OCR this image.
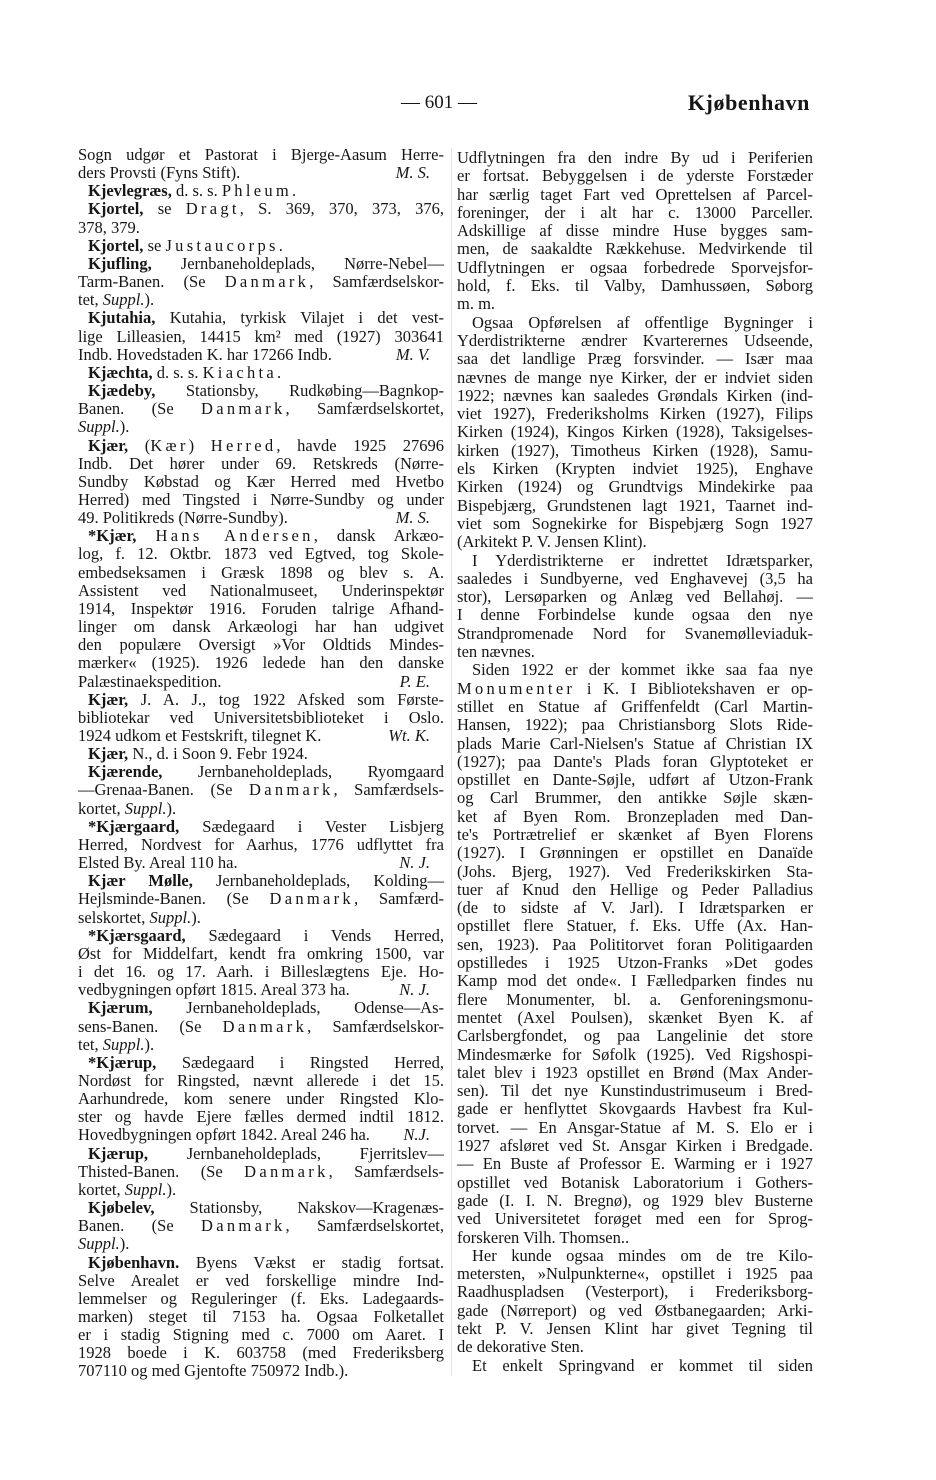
— 601 —	Kjøbenhavn
Sogn udgør et Pastorat i Bjerge-Aasum Herre-
ders Provsti (Fyns Stift).	M. S.
Kjevlegræs, d. s. s. Phleum.
Kjortel, se Dragt, S. 369, 370, 373, 376,
378, 379.
Kjortel, se Justaucorps.
Kjufling, Jernbaneholdeplads, Nørre-Nebel—
Tarm-Banen. (Se Danmark, Samfærdselskor-
tet, Suppl.).
Kjutahia, Kutahia, tyrkisk Vilajet i det vest-
lige Lilleasien, 14415 km² med (1927) 303641
Indb. Hovedstaden K. har 17266 Indb.	M. V.
Kjæchta, d. s. s. Kiachta.
Kjædeby, Stationsby, Rudkøbing—Bagnkop-
Banen. (Se Danmark, Samfærdselskortet,
Suppl.).
Kjær, (Kær) Herred, havde 1925 27696
Indb. Det hører under 69. Retskreds (Nørre-
Sundby Købstad og Kær Herred med Hvetbo
Herred) med Tingsted i Nørre-Sundby og under
49. Politikreds (Nørre-Sundby).	M. S.
*Kjær, Hans Andersen, dansk Arkæo-
log, f. 12. Oktbr. 1873 ved Egtved, tog Skole-
embedseksamen i Græsk 1898 og blev s. A.
Assistent ved Nationalmuseet, Underinspektør
1914, Inspektør 1916. Foruden talrige Afhand-
linger om dansk Arkæologi har han udgivet
den populære Oversigt »Vor Oldtids Mindes-
mærker« (1925). 1926 ledede han den danske
Palæstinaekspedition.	P. E.
Kjær, J. A. J., tog 1922 Afsked som Første-
bibliotekar ved Universitetsbiblioteket i Oslo.
1924 udkom et Festskrift, tilegnet K.	Wt. K.
Kjær, N., d. i Soon 9. Febr 1924.
Kjærende, Jernbaneholdeplads, Ryomgaard
—Grenaa-Banen. (Se Danmark, Samfærdsels-
kortet, Suppl.).
*Kjærgaard, Sædegaard i Vester Lisbjerg
Herred, Nordvest for Aarhus, 1776 udflyttet fra
Elsted By. Areal 110 ha.	N. J.
Kjær Mølle, Jernbaneholdeplads, Kolding—
Hejlsminde-Banen. (Se Danmark, Samfærd-
selskortet, Suppl.).
*Kjærsgaard, Sædegaard i Vends Herred,
Øst for Middelfart, kendt fra omkring 1500, var
i det 16. og 17. Aarh. i Billeslægtens Eje. Ho-
vedbygningen opført 1815. Areal 373 ha.	N. J.
Kjærum, Jernbaneholdeplads, Odense—As-
sens-Banen. (Se Danmark, Samfærdselskor-
tet, Suppl.).
*Kjærup, Sædegaard i Ringsted Herred,
Nordøst for Ringsted, nævnt allerede i det 15.
Aarhundrede, kom senere under Ringsted Klo-
ster og havde Ejere fælles dermed indtil 1812.
Hovedbygningen opført 1842. Areal 246 ha.	N.J.
Kjærup, Jernbaneholdeplads, Fjerritslev—
Thisted-Banen. (Se Danmark, Samfærdsels-
kortet, Suppl.).
Kjøbelev, Stationsby, Nakskov—Kragenæs-
Banen. (Se Danmark, Samfærdselskortet,
Suppl.).
Kjøbenhavn. Byens Vækst er stadig fortsat.
Selve Arealet er ved forskellige mindre Ind-
lemmelser og Reguleringer (f. Eks. Ladegaards-
marken) steget til 7153 ha. Ogsaa Folketallet
er i stadig Stigning med c. 7000 om Aaret. I
1928 boede i K. 603758 (med Frederiksberg
707110 og med Gjentofte 750972 Indb.).
Udflytningen fra den indre By ud i Periferien
er fortsat. Bebyggelsen i de yderste Forstæder
har særlig taget Fart ved Oprettelsen af Parcel-
foreninger, der i alt har c. 13000 Parceller.
Adskillige af disse mindre Huse bygges sam-
men, de saakaldte Rækkehuse. Medvirkende til
Udflytningen er ogsaa forbedrede Sporvejsfor-
hold, f. Eks. til Valby, Damhussøen, Søborg
m. m.
Ogsaa Opførelsen af offentlige Bygninger i
Yderdistrikterne ændrer Kvarterernes Udseende,
saa det landlige Præg forsvinder. — Især maa
nævnes de mange nye Kirker, der er indviet siden
1922; nævnes kan saaledes Grøndals Kirken (ind-
viet 1927), Frederiksholms Kirken (1927), Filips
Kirken (1924), Kingos Kirken (1928), Taksigelses-
kirken (1927), Timotheus Kirken (1928), Samu-
els Kirken (Krypten indviet 1925), Enghave
Kirken (1924) og Grundtvigs Mindekirke paa
Bispebjærg, Grundstenen lagt 1921, Taarnet ind-
viet som Sognekirke for Bispebjærg Sogn 1927
(Arkitekt P. V. Jensen Klint).
I Yderdistrikterne er indrettet Idrætsparker,
saaledes i Sundbyerne, ved Enghavevej (3,5 ha
stor), Lersøparken og Anlæg ved Bellahøj. —
I denne Forbindelse kunde ogsaa den nye
Strandpromenade Nord for Svanemølleviaduk-
ten nævnes.
Siden 1922 er der kommet ikke saa faa nye
Monumenter i K. I Bibliotekshaven er op-
stillet en Statue af Griffenfeldt (Carl Martin-
Hansen, 1922); paa Christiansborg Slots Ride-
plads Marie Carl-Nielsen's Statue af Christian IX
(1927); paa Dante's Plads foran Glyptoteket er
opstillet en Dante-Søjle, udført af Utzon-Frank
og Carl Brummer, den antikke Søjle skæn-
ket af Byen Rom. Bronzepladen med Dan-
te's Portrætrelief er skænket af Byen Florens
(1927). I Grønningen er opstillet en Danaïde
(Johs. Bjerg, 1927). Ved Frederikskirken Sta-
tuer af Knud den Hellige og Peder Palladius
(de to sidste af V. Jarl). I Idrætsparken er
opstillet flere Statuer, f. Eks. Uffe (Ax. Han-
sen, 1923). Paa Polititorvet foran Politigaarden
opstilledes i 1925 Utzon-Franks »Det godes
Kamp mod det onde«. I Fælledparken findes nu
flere Monumenter, bl. a. Genforeningsmonu-
mentet (Axel Poulsen), skænket Byen K. af
Carlsbergfondet, og paa Langelinie det store
Mindesmærke for Søfolk (1925). Ved Rigshospi-
talet blev i 1923 opstillet en Brønd (Max Ander-
sen). Til det nye Kunstindustrimuseum i Bred-
gade er henflyttet Skovgaards Havbest fra Kul-
torvet. — En Ansgar-Statue af M. S. Elo er i
1927 afsløret ved St. Ansgar Kirken i Bredgade.
— En Buste af Professor E. Warming er i 1927
opstillet ved Botanisk Laboratorium i Gothers-
gade (I. I. N. Bregnø), og 1929 blev Busterne
ved Universitetet forøget med een for Sprog-
forskeren Vilh. Thomsen..
Her kunde ogsaa mindes om de tre Kilo-
metersten, »Nulpunkterne«, opstillet i 1925 paa
Raadhuspladsen (Vesterport), i Frederiksborg-
gade (Nørreport) og ved Østbanegaarden; Arki-
tekt P. V. Jensen Klint har givet Tegning til
de dekorative Sten.
Et enkelt Springvand er kommet til siden
